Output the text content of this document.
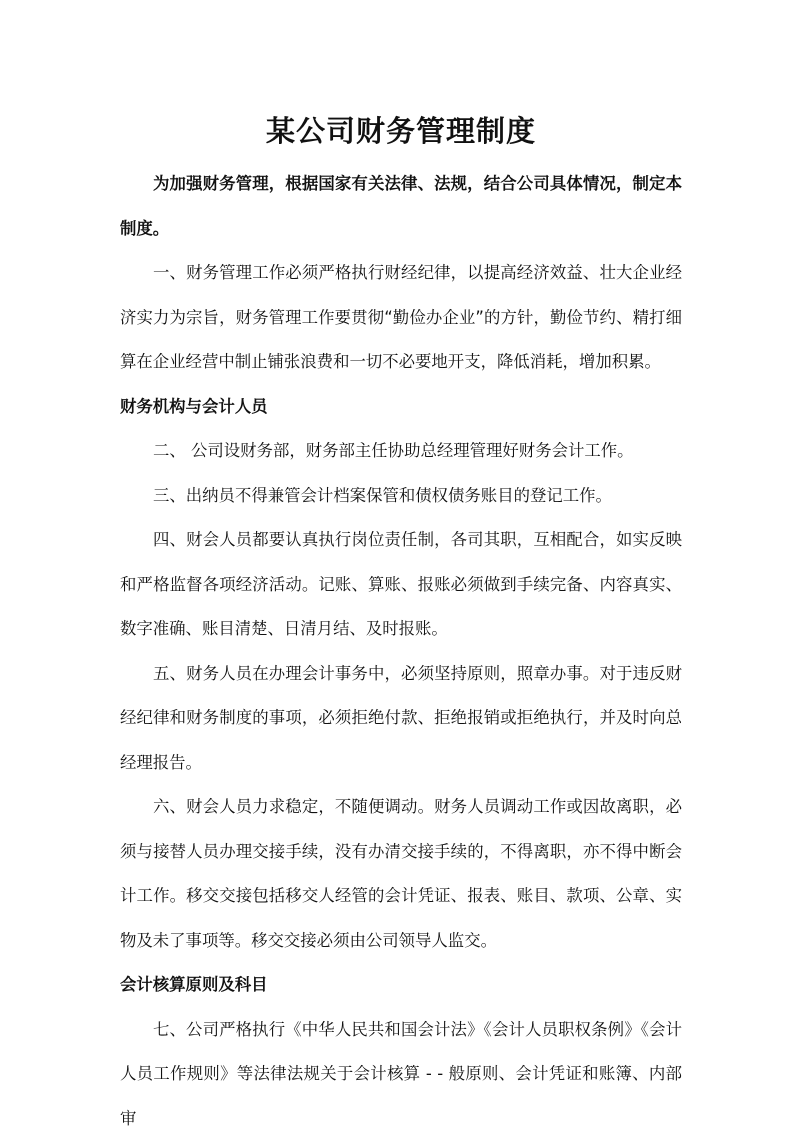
某公司财务管理制度

为加强财务管理，根据国家有关法律、法规，结合公司具体情况，制定本制度。

一、财务管理工作必须严格执行财经纪律，以提高经济效益、壮大企业经济实力为宗旨，财务管理工作要贯彻“勤俭办企业”的方针，勤俭节约、精打细算在企业经营中制止铺张浪费和一切不必要地开支，降低消耗，增加积累。

财务机构与会计人员

二、 公司设财务部，财务部主任协助总经理管理好财务会计工作。

三、出纳员不得兼管会计档案保管和债权债务账目的登记工作。

四、财会人员都要认真执行岗位责任制，各司其职，互相配合，如实反映和严格监督各项经济活动。记账、算账、报账必须做到手续完备、内容真实、数字准确、账目清楚、日清月结、及时报账。

五、财务人员在办理会计事务中，必须坚持原则，照章办事。对于违反财经纪律和财务制度的事项，必须拒绝付款、拒绝报销或拒绝执行，并及时向总经理报告。

六、财会人员力求稳定，不随便调动。财务人员调动工作或因故离职，必须与接替人员办理交接手续，没有办清交接手续的，不得离职，亦不得中断会计工作。移交交接包括移交人经管的会计凭证、报表、账目、款项、公章、实物及未了事项等。移交交接必须由公司领导人监交。

会计核算原则及科目

七、公司严格执行《中华人民共和国会计法》《会计人员职权条例》《会计人员工作规则》等法律法规关于会计核算 - - 般原则、会计凭证和账簿、内部审
